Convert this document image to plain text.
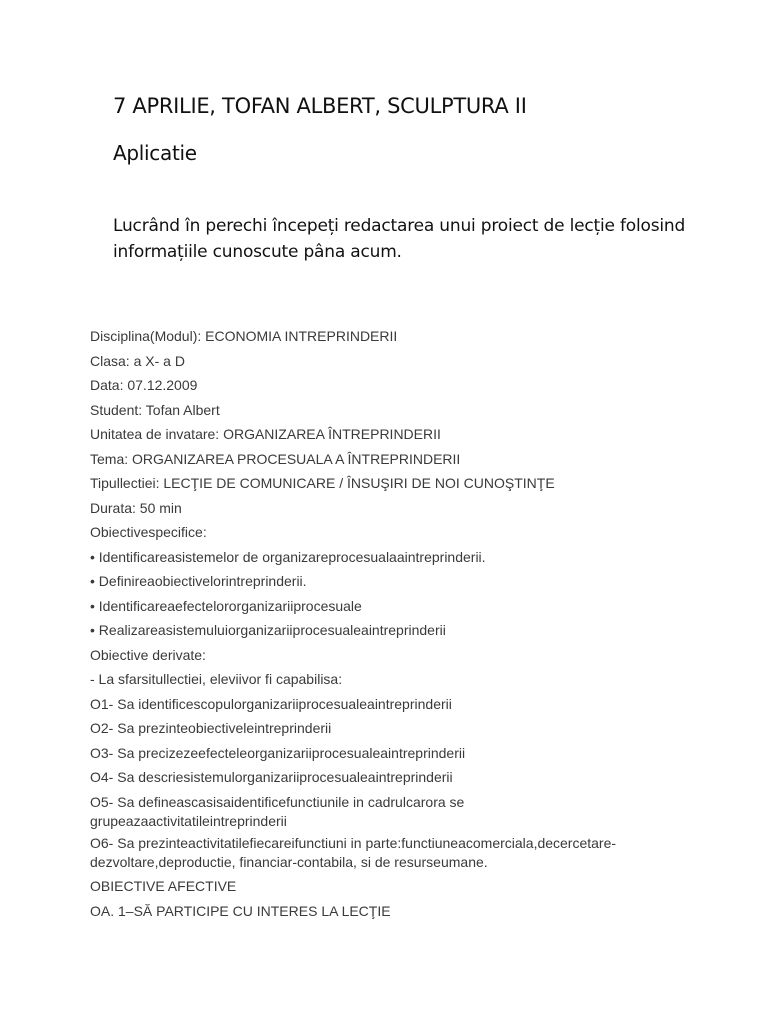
7 APRILIE, TOFAN ALBERT, SCULPTURA II
Aplicatie
Lucrând în perechi începeți redactarea unui proiect de lecție folosind
informațiile cunoscute pâna acum.
Disciplina(Modul): ECONOMIA INTREPRINDERII
Clasa: a X- a D
Data: 07.12.2009
Student: Tofan Albert
Unitatea de invatare: ORGANIZAREA ÎNTREPRINDERII
Tema: ORGANIZAREA PROCESUALA A ÎNTREPRINDERII
Tipullectiei: LECŢIE DE COMUNICARE / ÎNSUŞIRI DE NOI CUNOŞTINŢE
Durata: 50 min
Obiectivespecifice:
• Identificareasistemelor de organizareprocesualaaintreprinderii.
• Definireaobiectivelorintreprinderii.
• Identificareaefectelororganizariiprocesuale
• Realizareasistemuluiorganizariiprocesualeaintreprinderii
Obiective derivate:
- La sfarsitullectiei, eleviivor fi capabilisa:
O1- Sa identificescopulorganizariiprocesualeaintreprinderii
O2- Sa prezinteobiectiveleintreprinderii
O3- Sa precizezeefecteleorganizariiprocesualeaintreprinderii
O4- Sa descriesistemulorganizariiprocesualeaintreprinderii
O5- Sa defineascasisaidentificefunctiunile in cadrulcarora se
grupeazaactivitatileintreprinderii
O6- Sa prezinteactivitatilefiecareifunctiuni in parte:functiuneacomerciala,decercetare-
dezvoltare,deproductie, financiar-contabila, si de resurseumane.
OBIECTIVE AFECTIVE
OA. 1–SĂ PARTICIPE CU INTERES LA LECŢIE
